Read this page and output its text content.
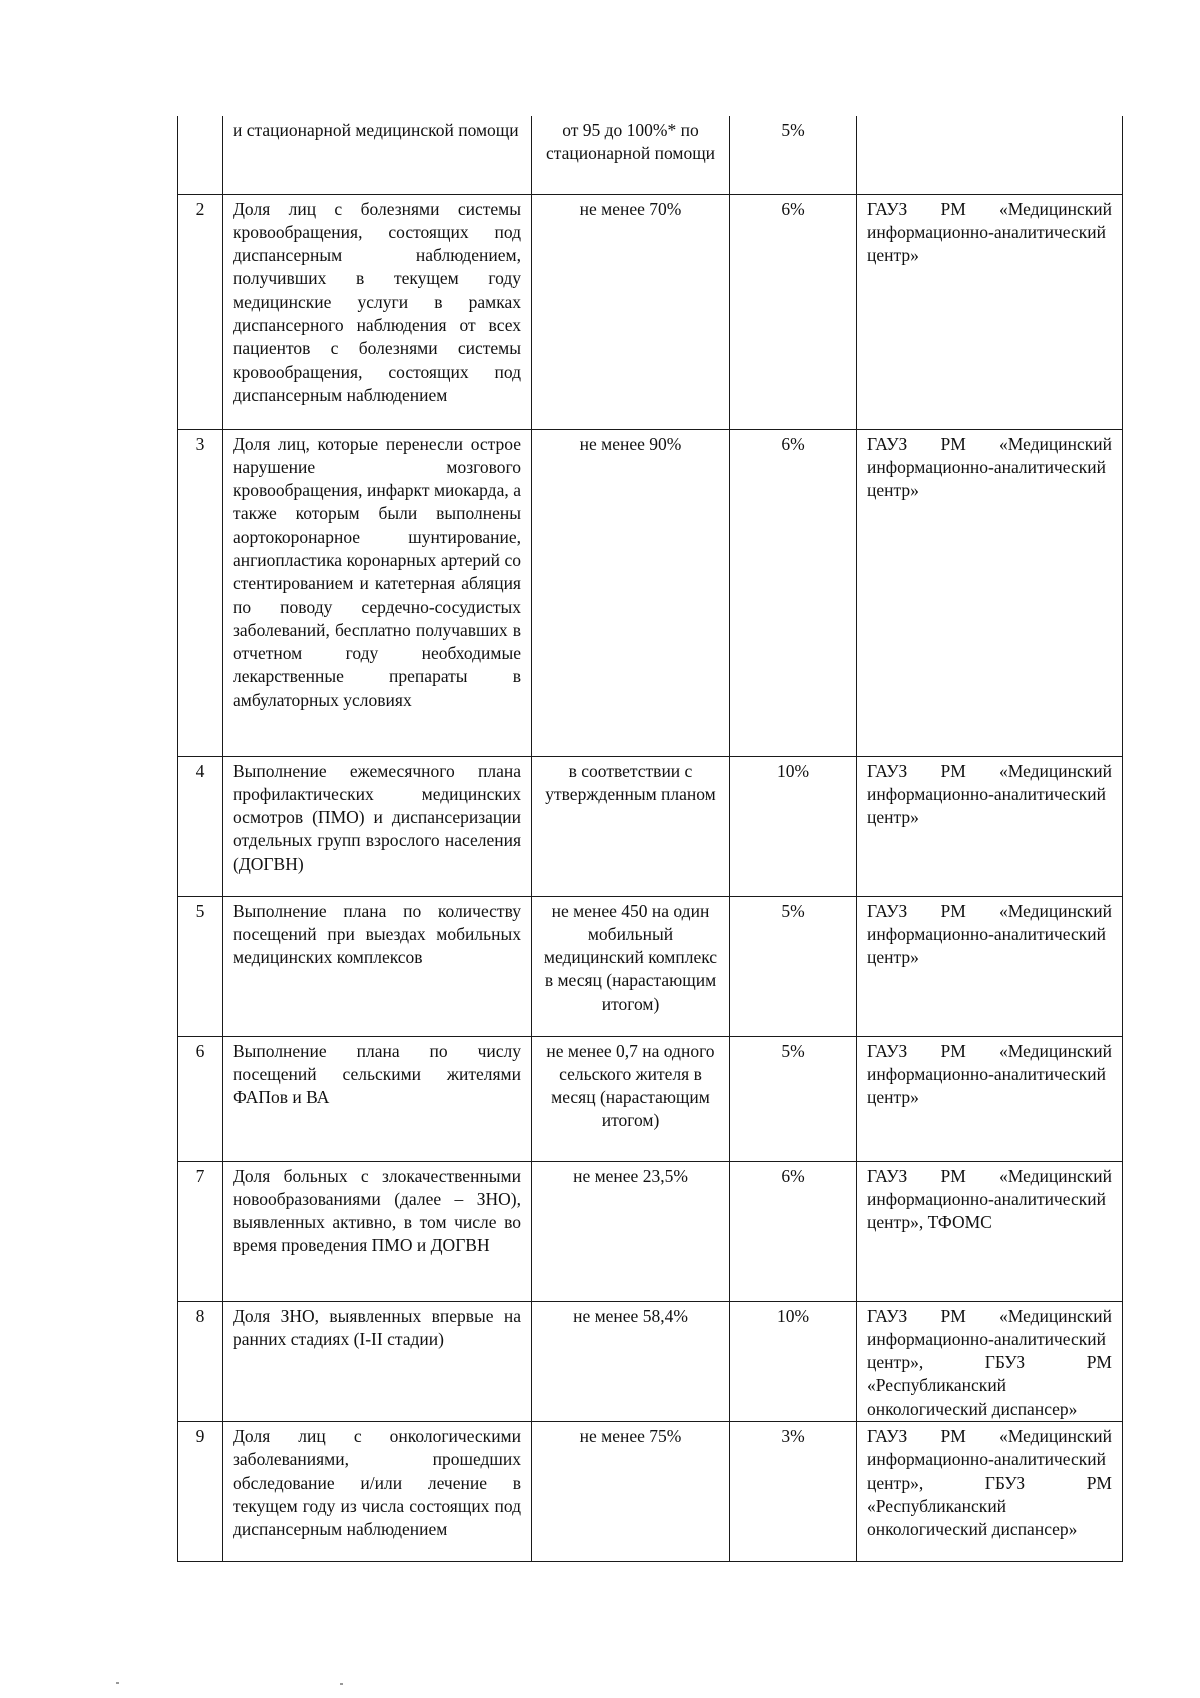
	и стационарной медицинской помощи	от 95 до 100%* по стационарной помощи	5%	
2	Доля лиц с болезнями системы кровообращения, состоящих под диспансерным наблюдением, получивших в текущем году медицинские услуги в рамках диспансерного наблюдения от всех пациентов с болезнями системы кровообращения, состоящих под диспансерным наблюдением	не менее 70%	6%	ГАУЗ РМ «Медицинский информационно-аналитический центр»
3	Доля лиц, которые перенесли острое нарушение мозгового кровообращения, инфаркт миокарда, а также которым были выполнены аортокоронарное шунтирование, ангиопластика коронарных артерий со стентированием и катетерная абляция по поводу сердечно-сосудистых заболеваний, бесплатно получавших в отчетном году необходимые лекарственные препараты в амбулаторных условиях	не менее 90%	6%	ГАУЗ РМ «Медицинский информационно-аналитический центр»
4	Выполнение ежемесячного плана профилактических медицинских осмотров (ПМО) и диспансеризации отдельных групп взрослого населения (ДОГВН)	в соответствии с утвержденным планом	10%	ГАУЗ РМ «Медицинский информационно-аналитический центр»
5	Выполнение плана по количеству посещений при выездах мобильных медицинских комплексов	не менее 450 на один мобильный медицинский комплекс в месяц (нарастающим итогом)	5%	ГАУЗ РМ «Медицинский информационно-аналитический центр»
6	Выполнение плана по числу посещений сельскими жителями ФАПов и ВА	не менее 0,7 на одного сельского жителя в месяц (нарастающим итогом)	5%	ГАУЗ РМ «Медицинский информационно-аналитический центр»
7	Доля больных с злокачественными новообразованиями (далее – ЗНО), выявленных активно, в том числе во время проведения ПМО и ДОГВН	не менее 23,5%	6%	ГАУЗ РМ «Медицинский информационно-аналитический центр», ТФОМС
8	Доля ЗНО, выявленных впервые на ранних стадиях (I-II стадии)	не менее 58,4%	10%	ГАУЗ РМ «Медицинский информационно-аналитический центр», ГБУЗ РМ «Республиканский онкологический диспансер»
9	Доля лиц с онкологическими заболеваниями, прошедших обследование и/или лечение в текущем году из числа состоящих под диспансерным наблюдением	не менее 75%	3%	ГАУЗ РМ «Медицинский информационно-аналитический центр», ГБУЗ РМ «Республиканский онкологический диспансер»
